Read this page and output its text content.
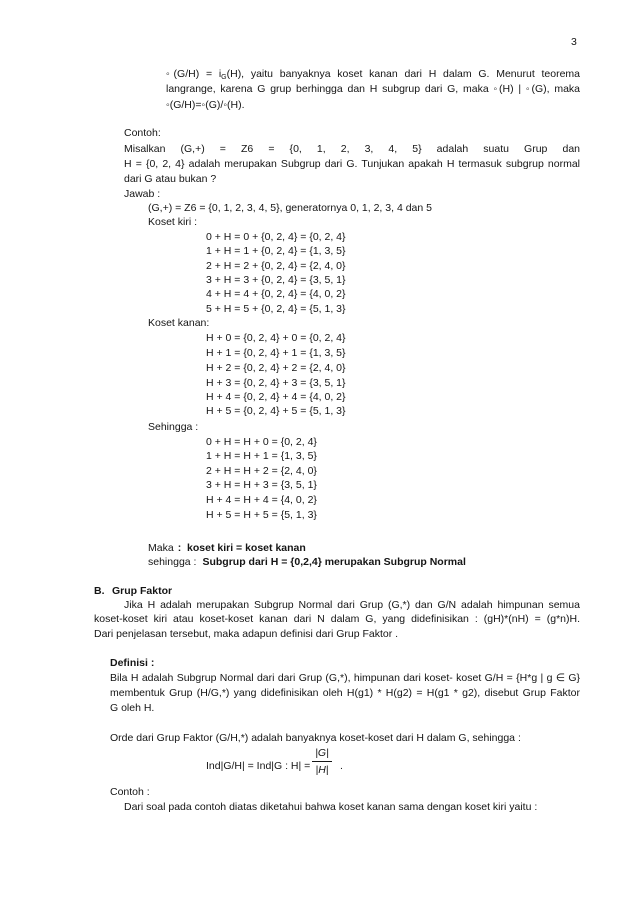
3
◦(G/H) = $i_G(H)$, yaitu banyaknya koset kanan dari H dalam G. Menurut teorema
langrange, karena G grup berhingga dan H subgrup dari G, maka ◦(H) | ◦(G), maka
◦(G/H)=◦(G)/◦(H).
Contoh:
Misalkan (G,+) = Z6 = {0, 1, 2, 3, 4, 5} adalah suatu Grup dan
H = {0, 2, 4} adalah merupakan Subgrup dari G. Tunjukan apakah H termasuk subgrup normal
dari G atau bukan ?
Jawab :
(G,+) = Z6 = {0, 1, 2, 3, 4, 5}, generatornya 0, 1, 2, 3, 4 dan 5
Koset kiri :
0 + H = 0 + {0, 2, 4} = {0, 2, 4}
1 + H = 1 + {0, 2, 4} = {1, 3, 5}
2 + H = 2 + {0, 2, 4} = {2, 4, 0}
3 + H = 3 + {0, 2, 4} = {3, 5, 1}
4 + H = 4 + {0, 2, 4} = {4, 0, 2}
5 + H = 5 + {0, 2, 4} = {5, 1, 3}
Koset kanan:
H + 0 = {0, 2, 4} + 0 = {0, 2, 4}
H + 1 = {0, 2, 4} + 1 = {1, 3, 5}
H + 2 = {0, 2, 4} + 2 = {2, 4, 0}
H + 3 = {0, 2, 4} + 3 = {3, 5, 1}
H + 4 = {0, 2, 4} + 4 = {4, 0, 2}
H + 5 = {0, 2, 4} + 5 = {5, 1, 3}
Sehingga :
0 + H = H + 0 = {0, 2, 4}
1 + H = H + 1 = {1, 3, 5}
2 + H = H + 2 = {2, 4, 0}
3 + H = H + 3 = {3, 5, 1}
H + 4 = H + 4 = {4, 0, 2}
H + 5 = H + 5 = {5, 1, 3}
Maka :  koset kiri = koset kanan
sehingga : Subgrup dari H = {0,2,4} merupakan Subgrup Normal
B. Grup Faktor
Jika H adalah merupakan Subgrup Normal dari Grup (G,*) dan G/N adalah himpunan semua
koset-koset kiri atau koset-koset kanan dari N dalam G, yang didefinisikan : (gH)*(nH) = (g*n)H.
Dari penjelasan tersebut, maka adapun definisi dari Grup Faktor .
Definisi :
Bila H adalah Subgrup Normal dari dari Grup (G,*), himpunan dari koset- koset G/H = {H*g | g ∈ G}
membentuk Grup (H/G,*) yang didefinisikan oleh H(g1) * H(g2) = H(g1 * g2), disebut Grup Faktor
G oleh H.
Orde dari Grup Faktor (G/H,*) adalah banyaknya koset-koset dari H dalam G, sehingga :
Ind|G/H| = Ind|G : H| =
|G|
|H| .
Contoh :
Dari soal pada contoh diatas diketahui bahwa koset kanan sama dengan koset kiri yaitu :
